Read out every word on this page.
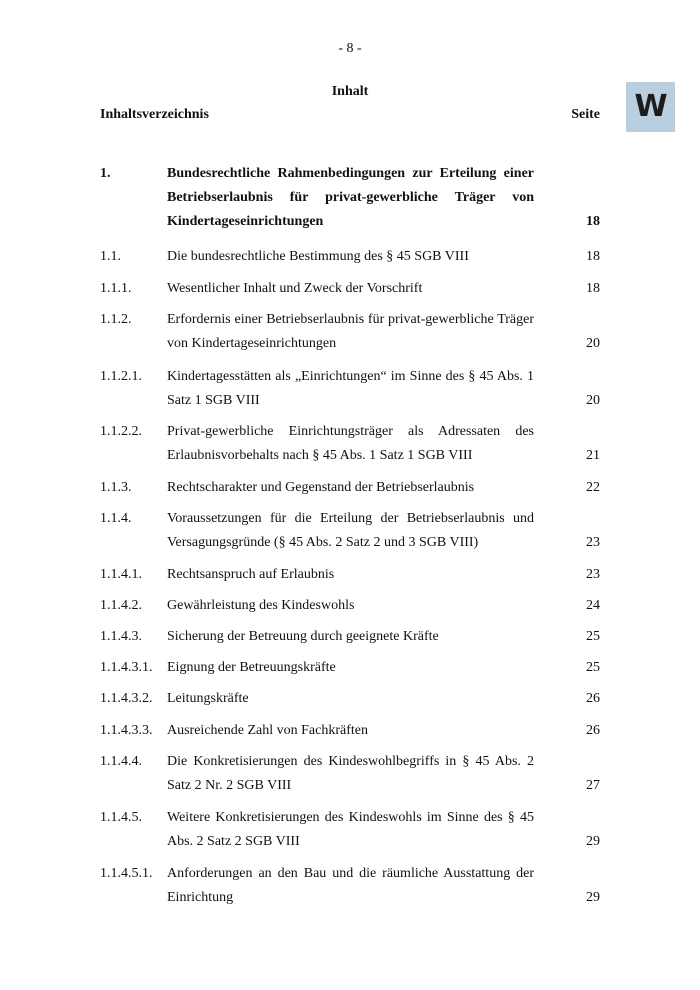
- 8 -
W
Inhalt
Inhaltsverzeichnis	Seite
1.	Bundesrechtliche Rahmenbedingungen zur Erteilung einer Betriebserlaubnis für privat-gewerbliche Träger von Kindertageseinrichtungen	18
1.1.	Die bundesrechtliche Bestimmung des § 45 SGB VIII	18
1.1.1.	Wesentlicher Inhalt und Zweck der Vorschrift	18
1.1.2.	Erfordernis einer Betriebserlaubnis für privat-gewerbliche Träger von Kindertageseinrichtungen	20
1.1.2.1. Kindertagesstätten als „Einrichtungen“ im Sinne des § 45 Abs. 1 Satz 1 SGB VIII	20
1.1.2.2. Privat-gewerbliche Einrichtungsträger als Adressaten des Erlaubnisvorbehalts nach § 45 Abs. 1 Satz 1 SGB VIII	21
1.1.3.	Rechtscharakter und Gegenstand der Betriebserlaubnis	22
1.1.4.	Voraussetzungen für die Erteilung der Betriebserlaubnis und Versagungsgründe (§ 45 Abs. 2 Satz 2 und 3 SGB VIII)	23
1.1.4.1. Rechtsanspruch auf Erlaubnis	23
1.1.4.2. Gewährleistung des Kindeswohls	24
1.1.4.3. Sicherung der Betreuung durch geeignete Kräfte	25
1.1.4.3.1. Eignung der Betreuungskräfte	25
1.1.4.3.2. Leitungskräfte	26
1.1.4.3.3. Ausreichende Zahl von Fachkräften	26
1.1.4.4. Die Konkretisierungen des Kindeswohlbegriffs in § 45 Abs. 2 Satz 2 Nr. 2 SGB VIII	27
1.1.4.5. Weitere Konkretisierungen des Kindeswohls im Sinne des § 45 Abs. 2 Satz 2 SGB VIII	29
1.1.4.5.1. Anforderungen an den Bau und die räumliche Ausstattung der Einrichtung	29
